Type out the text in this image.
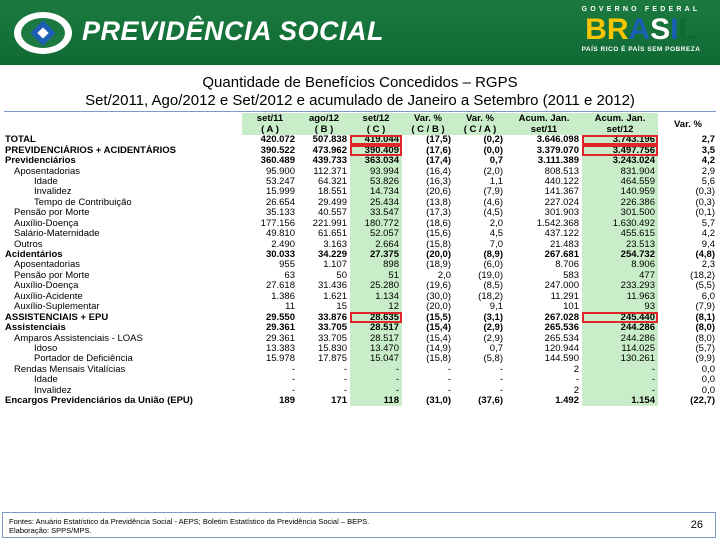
PREVIDÊNCIA SOCIAL
GOVERNO FEDERAL
B R A S I L
PAÍS RICO É PAÍS SEM POBREZA
Quantidade de Benefícios Concedidos – RGPS
Set/2011, Ago/2012 e Set/2012 e acumulado de Janeiro a Setembro (2011 e 2012)
	set/11	ago/12	set/12	Var. %	Var. %	Acum. Jan.	Acum. Jan.	Var. %
	( A )	( B )	( C )	( C / B )	( C / A )	set/11	set/12	
TOTAL	420.072	507.838	419.044	(17,5)	(0,2)	3.646.098	3.743.196	2,7
PREVIDENCIÁRIOS + ACIDENTÁRIOS	390.522	473.962	390.409	(17,6)	(0,0)	3.379.070	3.497.756	3,5
Previdenciários	360.489	439.733	363.034	(17,4)	0,7	3.111.389	3.243.024	4,2
Aposentadorias	95.900	112.371	93.994	(16,4)	(2,0)	808.513	831.904	2,9
Idade	53.247	64.321	53.826	(16,3)	1,1	440.122	464.559	5,6
Invalidez	15.999	18.551	14.734	(20,6)	(7,9)	141.367	140.959	(0,3)
Tempo de Contribuição	26.654	29.499	25.434	(13,8)	(4,6)	227.024	226.386	(0,3)
Pensão por Morte	35.133	40.557	33.547	(17,3)	(4,5)	301.903	301.500	(0,1)
Auxílio-Doença	177.156	221.991	180.772	(18,6)	2,0	1.542.368	1.630.492	5,7
Salário-Maternidade	49.810	61.651	52.057	(15,6)	4,5	437.122	455.615	4,2
Outros	2.490	3.163	2.664	(15,8)	7,0	21.483	23.513	9,4
Acidentários	30.033	34.229	27.375	(20,0)	(8,9)	267.681	254.732	(4,8)
Aposentadorias	955	1.107	898	(18,9)	(6,0)	8.706	8.906	2,3
Pensão por Morte	63	50	51	2,0	(19,0)	583	477	(18,2)
Auxílio-Doença	27.618	31.436	25.280	(19,6)	(8,5)	247.000	233.293	(5,5)
Auxílio-Acidente	1.386	1.621	1.134	(30,0)	(18,2)	11.291	11.963	6,0
Auxílio-Suplementar	11	15	12	(20,0)	9,1	101	93	(7,9)
ASSISTENCIAIS + EPU	29.550	33.876	28.635	(15,5)	(3,1)	267.028	245.440	(8,1)
Assistenciais	29.361	33.705	28.517	(15,4)	(2,9)	265.536	244.286	(8,0)
Amparos Assistenciais - LOAS	29.361	33.705	28.517	(15,4)	(2,9)	265.534	244.286	(8,0)
Idoso	13.383	15.830	13.470	(14,9)	0,7	120.944	114.025	(5,7)
Portador de Deficiência	15.978	17.875	15.047	(15,8)	(5,8)	144.590	130.261	(9,9)
Rendas Mensais Vitalícias	-	-	-	-	-	2	-	0,0
Idade	-	-	-	-	-	-	-	0,0
Invalidez	-	-	-	-	-	2	-	0,0
Encargos Previdenciários da União (EPU)	189	171	118	(31,0)	(37,6)	1.492	1.154	(22,7)
Fontes: Anuário Estatístico da Previdência Social - AEPS; Boletim Estatístico da Previdência Social – BEPS.
Elaboração: SPPS/MPS.	26
